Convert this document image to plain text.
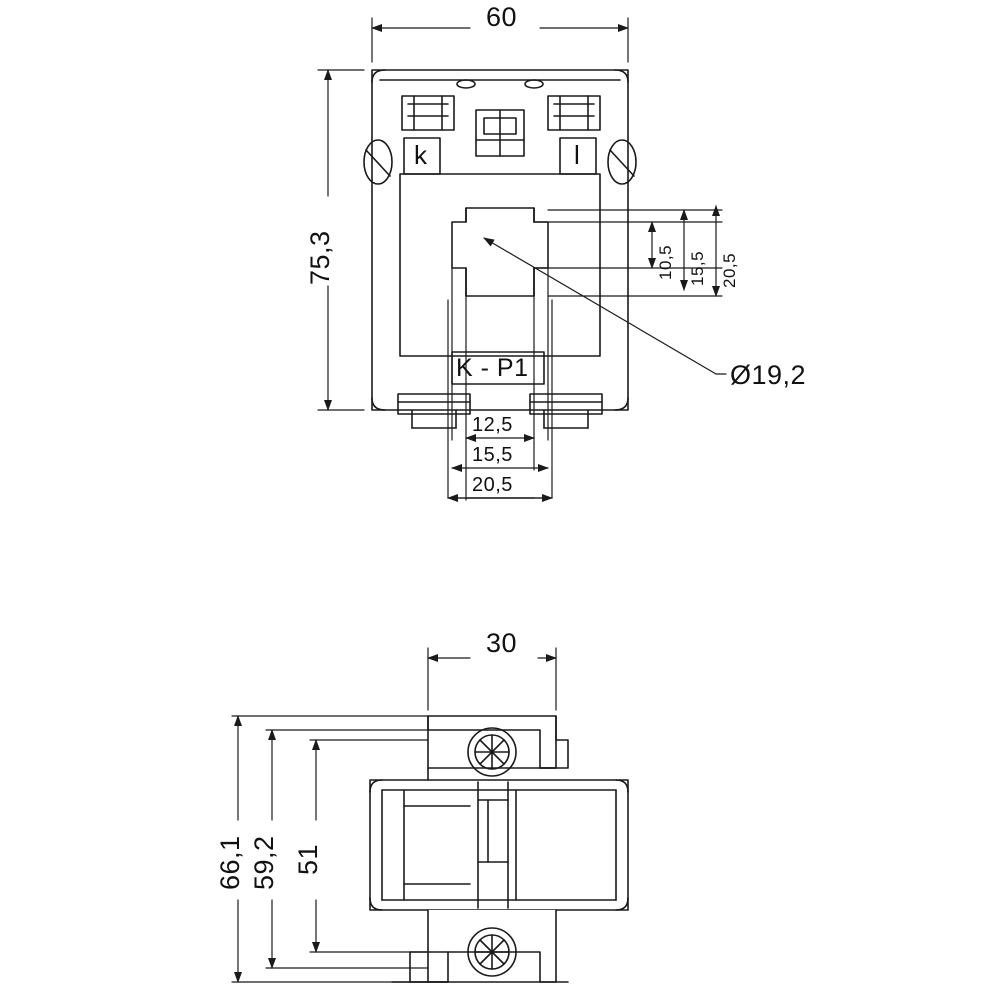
60
75,3
k	l
K - P1	Ø19,2
12,5
15,5
20,5
10,5 15,5 20,5
30
66,1 59,2 51
